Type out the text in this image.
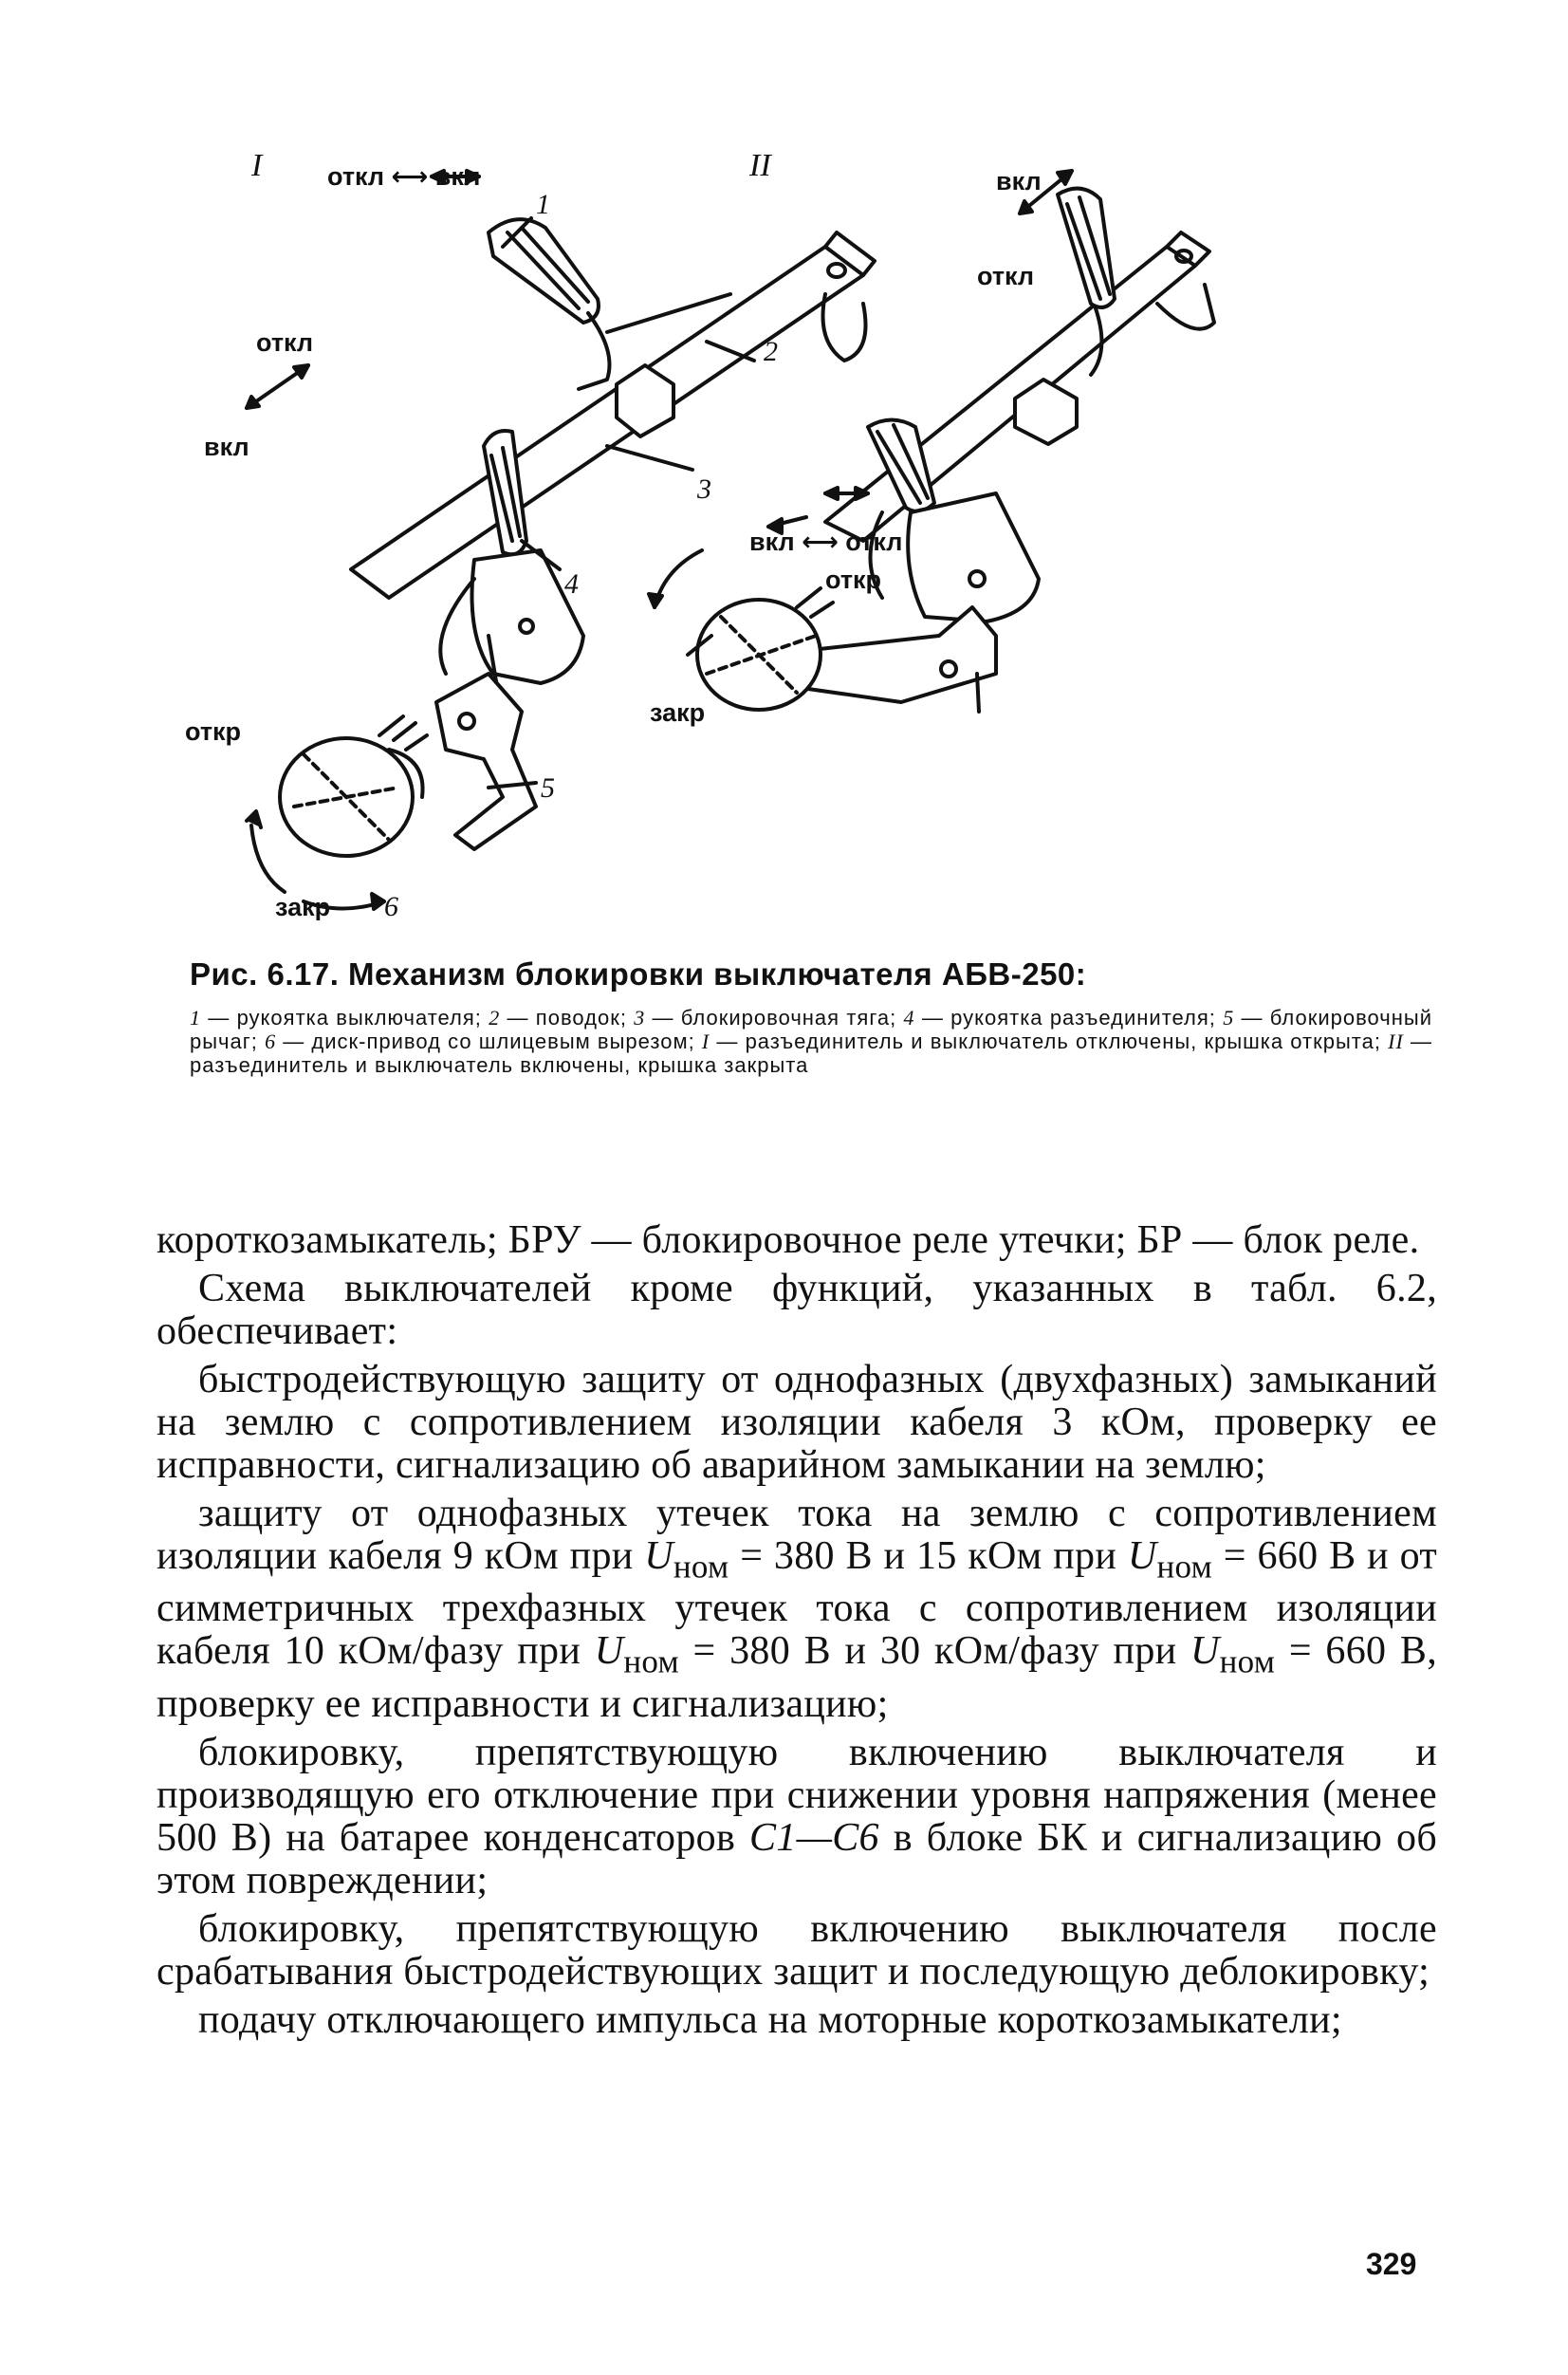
I	откл ⟷ вкл	II	вкл
откл
откл
вкл
вкл ⟷ откл
откр
закр
откр
закр
1
2
3
4
5
6
Рис. 6.17. Механизм блокировки выключателя АБВ-250:
1 — рукоятка выключателя; 2 — поводок; 3 — блокировочная тяга; 4 — рукоятка разъединителя; 5 — блокировочный рычаг; 6 — диск-привод со шлицевым вырезом; I — разъединитель и выключатель отключены, крышка открыта; II — разъединитель и выключатель включены, крышка закрыта

короткозамыкатель; БРУ — блокировочное реле утечки; БР — блок реле.

Схема выключателей кроме функций, указанных в табл. 6.2, обеспечивает:

быстродействующую защиту от однофазных (двухфазных) замыканий на землю с сопротивлением изоляции кабеля 3 кОм, проверку ее исправности, сигнализацию об аварийном замыкании на землю;

защиту от однофазных утечек тока на землю с сопротивлением изоляции кабеля 9 кОм при $U_{ном} = 380$ В и 15 кОм при $U_{ном} = 660$ В и от симметричных трехфазных утечек тока с сопротивлением изоляции кабеля 10 кОм/фазу при $U_{ном} = 380$ В и 30 кОм/фазу при $U_{ном} = 660$ В, проверку ее исправности и сигнализацию;

блокировку, препятствующую включению выключателя и производящую его отключение при снижении уровня напряжения (менее 500 В) на батарее конденсаторов С1—С6 в блоке БК и сигнализацию об этом повреждении;

блокировку, препятствующую включению выключателя после срабатывания быстродействующих защит и последующую деблокировку;

подачу отключающего импульса на моторные короткозамыкатели;

329
